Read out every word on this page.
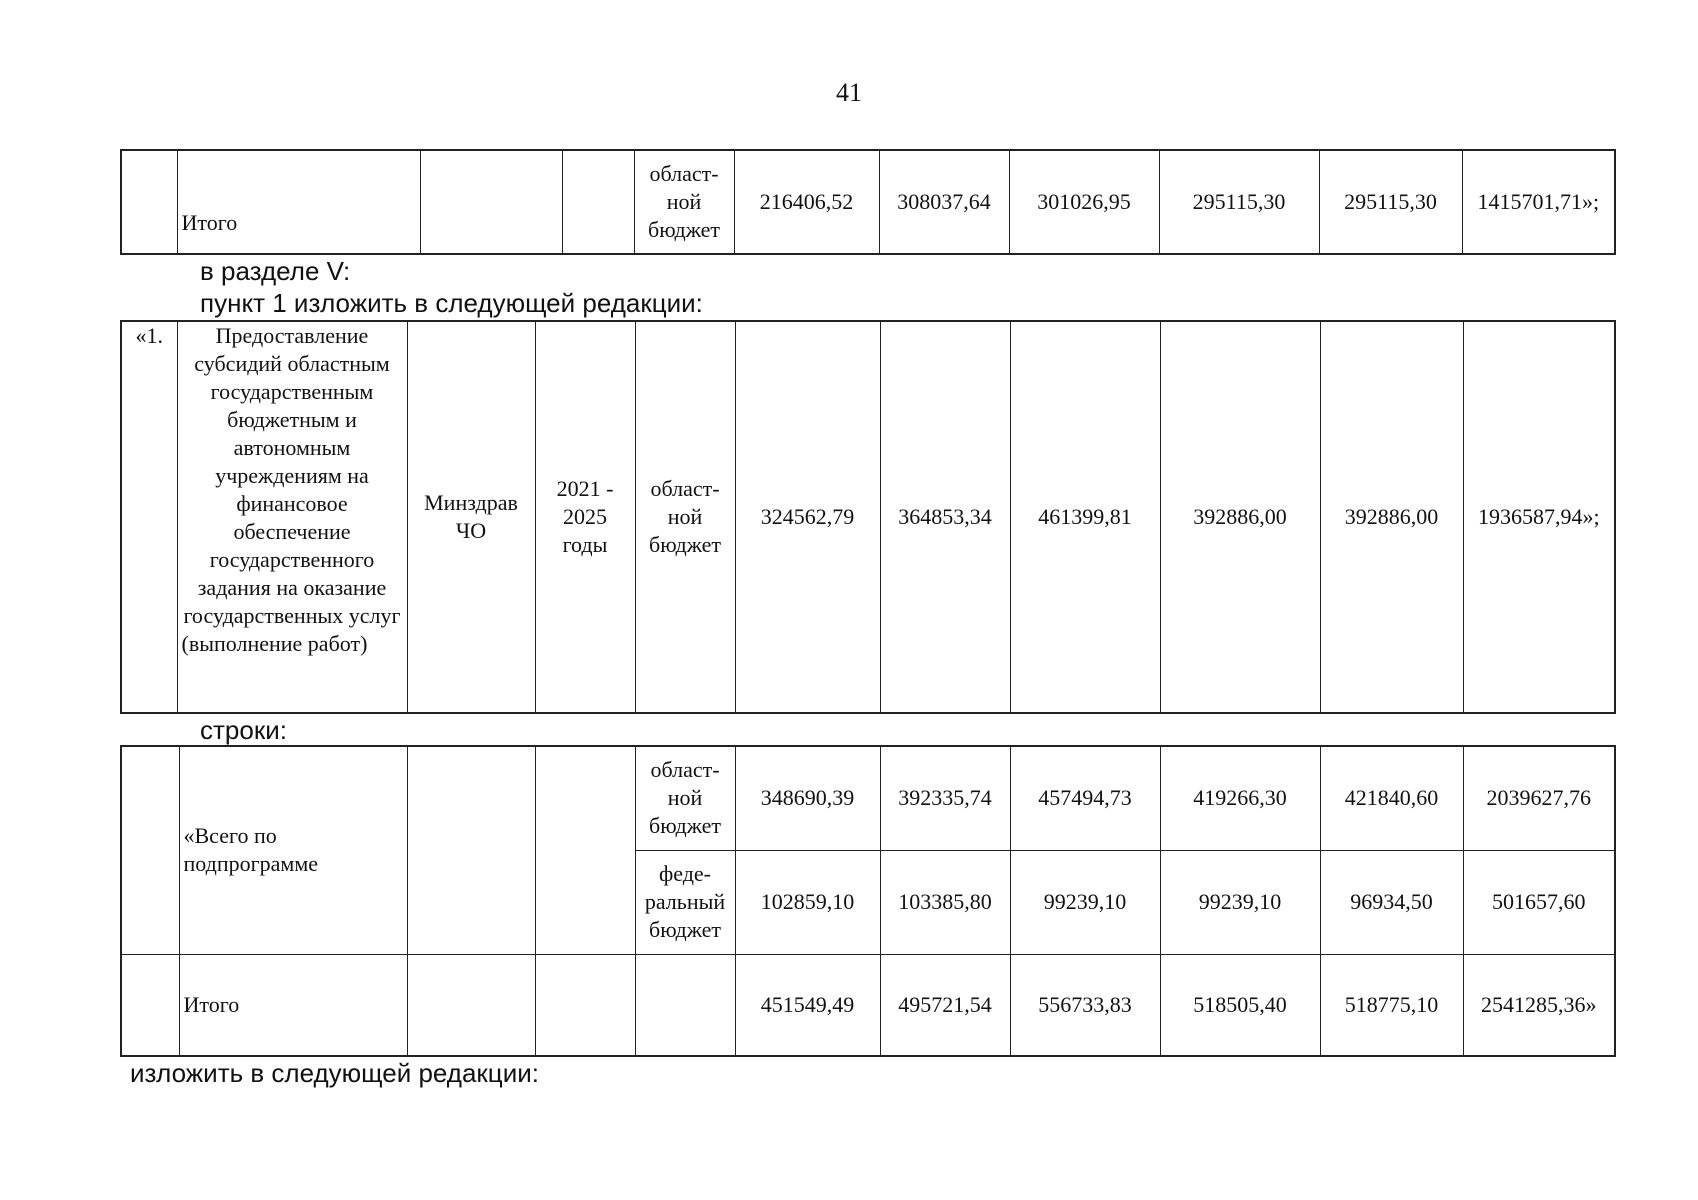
41
	Итого			област-
ной
бюджет	216406,52	308037,64	301026,95	295115,30	295115,30	1415701,71»;
в разделе V:
пункт 1 изложить в следующей редакции:
«1.	Предоставление субсидий областным государственным бюджетным и автономным учреждениям на финансовое обеспечение государственного задания на оказание государственных услуг (выполнение работ)	Минздрав
ЧО	2021 -
2025
годы	област-
ной
бюджет	324562,79	364853,34	461399,81	392886,00	392886,00	1936587,94»;
строки:
	«Всего по
подпрограмме			област-
ной
бюджет	348690,39	392335,74	457494,73	419266,30	421840,60	2039627,76
				феде-
ральный
бюджет	102859,10	103385,80	99239,10	99239,10	96934,50	501657,60
	Итого				451549,49	495721,54	556733,83	518505,40	518775,10	2541285,36»
изложить в следующей редакции:
